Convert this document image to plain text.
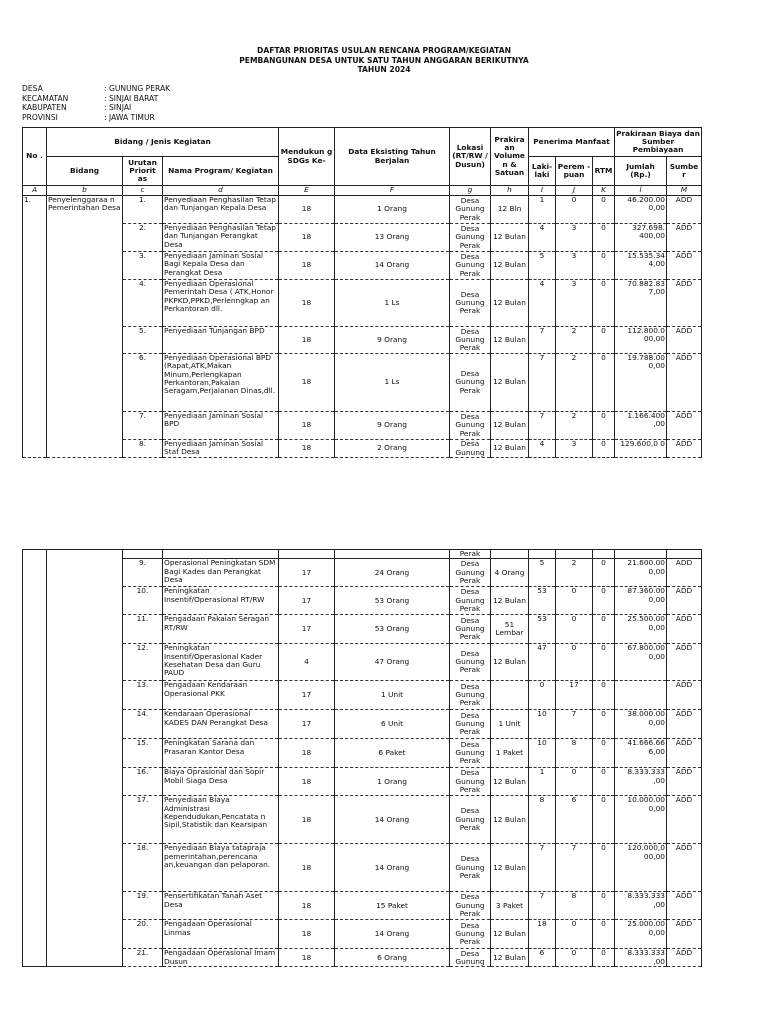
DAFTAR PRIORITAS USULAN RENCANA PROGRAM/KEGIATAN
PEMBANGUNAN DESA UNTUK SATU TAHUN ANGGARAN BERIKUTNYA
TAHUN 2024
DESA	: GUNUNG PERAK
KECAMATAN	: SINJAI BARAT
KABUPATEN	: SINJAI
PROVINSI	: JAWA TIMUR
No .	Bidang / Jenis Kegiatan			Mendukun g SDGs Ke-	Data Eksisting Tahun Berjalan	Lokasi (RT/RW / Dusun)	Prakira an Volume n & Satuan	Penerima Manfaat			Prakiraan Biaya dan Sumber Pembiayaan	
	Bidang	Urutan Priorit as	Nama Program/ Kegiatan					Laki- laki	Perem -puan	RTM	Jumlah (Rp.)	Sumbe r
A	b	c	d	E	F	g	h	I	J	K	l	M
1.	Penyelenggaraa n Pemerintahan Desa	1.	Penyediaan Penghasilan Tetap dan Tunjangan Kepala Desa	18	1 Orang	Desa Gunung Perak	12 Bln	1	0	0	46.200.00 0,00	ADD
		2.	Penyediaan Penghasilan Tetap dan Tunjangan Perangkat Desa	18	13 Orang	Desa Gunung Perak	12 Bulan	4	3	0	327.698. 400,00	ADD
		3.	Penyediaan Jaminan Sosial Bagi Kepala Desa dan Perangkat Desa	18	14 Orang	Desa Gunung Perak	12 Bulan	5	3	0	15.535.34 4,00	ADD
		4.	Penyediaan Operasional Pemerintah Desa ( ATK,Honor PKPKD,PPKD,Perlenngkap an Perkantoran dll.	18	1 Ls	Desa Gunung Perak	12 Bulan	4	3	0	70.882.83 7,00	ADD
		5.	Penyediaan Tunjangan BPD	18	9 Orang	Desa Gunung Perak	12 Bulan	7	2	0	112.800.0 00,00	ADD
		6.	Penyediaan Operasional BPD (Rapat,ATK,Makan Minum,Perlengkapan Perkantoran,Pakaian Seragam,Perjalanan Dinas,dll.	18	1 Ls	Desa Gunung Perak	12 Bulan	7	2	0	19.788.00 0,00	ADD
		7.	Penyediaan Jaminan Sosial BPD	18	9 Orang	Desa Gunung Perak	12 Bulan	7	2	0	1.166.400 ,00	ADD
		8.	Penyediaan Jaminan Sosial Staf Desa	18	2 Orang	Desa Gunung	12 Bulan	4	3	0	129.600,0 0	ADD
						Perak						
		9.	Operasional Peningkatan SDM Bagi Kades dan Perangkat Desa	17	24 Orang	Desa Gunung Perak	4 Orang	5	2	0	21.600.00 0,00	ADD
		10.	Peningkatan Insentif/Operasional RT/RW	17	53 Orang	Desa Gunung Perak	12 Bulan	53	0	0	87.360.00 0,00	ADD
		11.	Pengadaan Pakaian Seragan RT/RW	17	53 Orang	Desa Gunung Perak	51 Lembar	53	0	0	25.500.00 0,00	ADD
		12.	Peningkatan Insentif/Operasional Kader Kesehatan Desa dan Guru PAUD	4	47 Orang	Desa Gunung Perak	12 Bulan	47	0	0	67.800.00 0,00	ADD
		13.	Pengadaan Kendaraan Operasional PKK	17	1 Unit	Desa Gunung Perak		0	17	0		ADD
		14.	Kendaraan Operasional KADES DAN Perangkat Desa	17	6 Unit	Desa Gunung Perak	1 Unit	10	7	0	38.000.00 0,00	ADD
		15.	Peningkatan Sarana dan Prasaran Kantor Desa	18	6 Paket	Desa Gunung Perak	1 Paket	10	8	0	41.666.66 6,00	ADD
		16.	Biaya Oprasional dan Sopir Mobil Siaga Desa	18	1 Orang	Desa Gunung Perak	12 Bulan	1	0	0	8.333.333 ,00	ADD
		17.	Penyediaan Biaya Administrasi Kependudukan,Pencatata n Sipil,Statistik dan Kearsipan	18	14 Orang	Desa Gunung Perak	12 Bulan	8	6	0	10.000.00 0,00	ADD
		18.	Penyediaan Biaya tatapraja pemerintahan,perencana an,keuangan dan pelaporan.	18	14 Orang	Desa Gunung Perak	12 Bulan	7	7	0	120.000,0 00,00	ADD
		19.	Pensertifikatan Tanah Aset Desa	18	15 Paket	Desa Gunung Perak	3 Paket	7	8	0	8.333.333 ,00	ADD
		20.	Pengadaan Operasional Linmas	18	14 Orang	Desa Gunung Perak	12 Bulan	18	0	0	25.000.00 0,00	ADD
		21.	Pengadaan Operasional Imam Dusun	18	6 Orang	Desa Gunung	12 Bulan	6	0	0	8.333.333 ,00	ADD
